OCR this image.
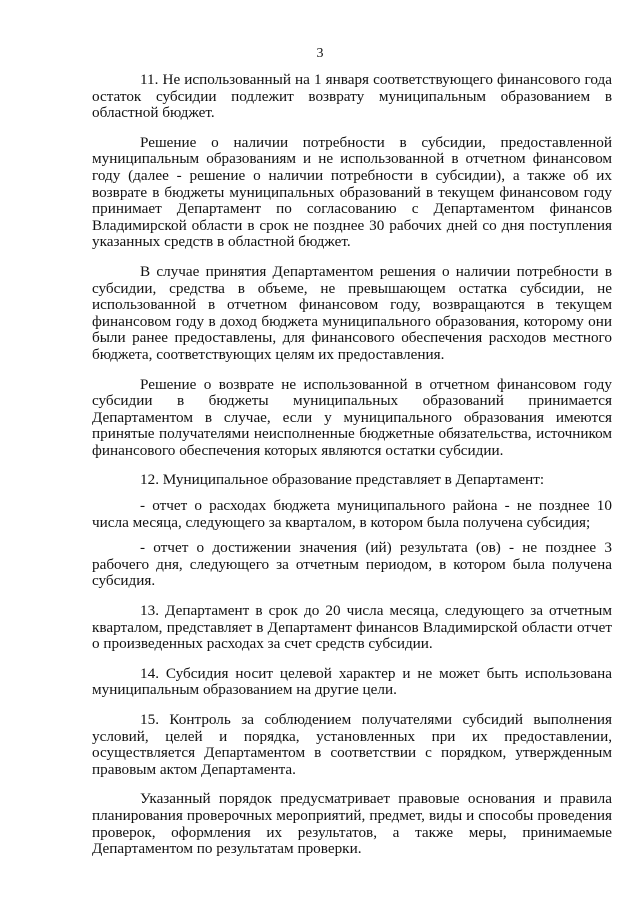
3

11. Не использованный на 1 января соответствующего финансового года остаток субсидии подлежит возврату муниципальным образованием в областной бюджет.

Решение о наличии потребности в субсидии, предоставленной муниципальным образованиям и не использованной в отчетном финансовом году (далее - решение о наличии потребности в субсидии), а также об их возврате в бюджеты муниципальных образований в текущем финансовом году принимает Департамент по согласованию с Департаментом финансов Владимирской области в срок не позднее 30 рабочих дней со дня поступления указанных средств в областной бюджет.

В случае принятия Департаментом решения о наличии потребности в субсидии, средства в объеме, не превышающем остатка субсидии, не использованной в отчетном финансовом году, возвращаются в текущем финансовом году в доход бюджета муниципального образования, которому они были ранее предоставлены, для финансового обеспечения расходов местного бюджета, соответствующих целям их предоставления.

Решение о возврате не использованной в отчетном финансовом году субсидии в бюджеты муниципальных образований принимается Департаментом в случае, если у муниципального образования имеются принятые получателями неисполненные бюджетные обязательства, источником финансового обеспечения которых являются остатки субсидии.

12. Муниципальное образование представляет в Департамент:

- отчет о расходах бюджета муниципального района - не позднее 10 числа месяца, следующего за кварталом, в котором была получена субсидия;

- отчет о достижении значения (ий) результата (ов) - не позднее 3 рабочего дня, следующего за отчетным периодом, в котором была получена субсидия.

13. Департамент в срок до 20 числа месяца, следующего за отчетным кварталом, представляет в Департамент финансов Владимирской области отчет о произведенных расходах за счет средств субсидии.

14. Субсидия носит целевой характер и не может быть использована муниципальным образованием на другие цели.

15. Контроль за соблюдением получателями субсидий выполнения условий, целей и порядка, установленных при их предоставлении, осуществляется Департаментом в соответствии с порядком, утвержденным правовым актом Департамента.

Указанный порядок предусматривает правовые основания и правила планирования проверочных мероприятий, предмет, виды и способы проведения проверок, оформления их результатов, а также меры, принимаемые Департаментом по результатам проверки.
